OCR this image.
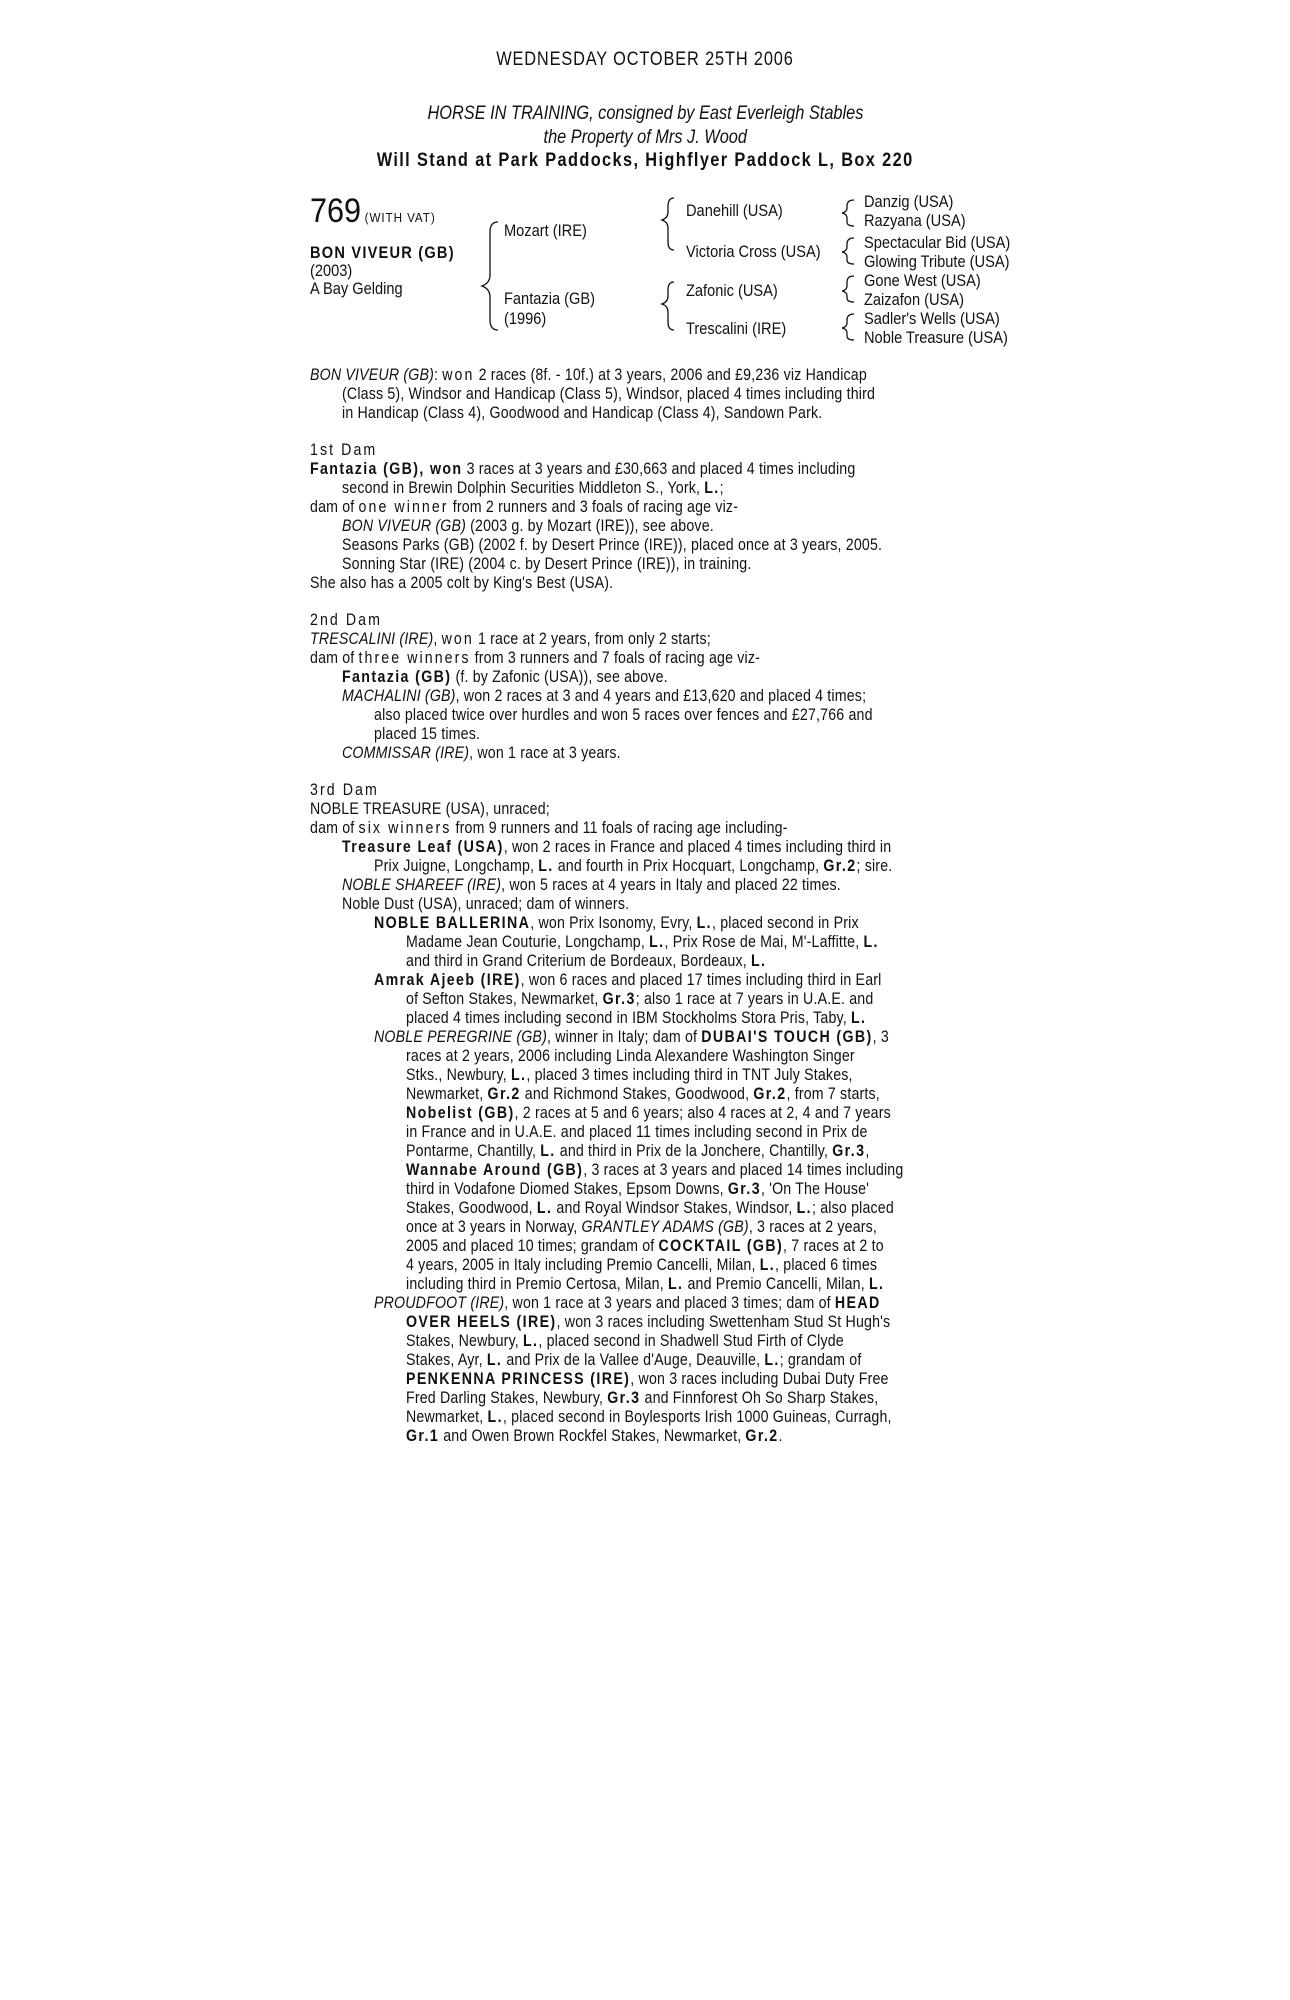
WEDNESDAY OCTOBER 25TH 2006
HORSE IN TRAINING, consigned by East Everleigh Stables
the Property of Mrs J. Wood
Will Stand at Park Paddocks, Highflyer Paddock L, Box 220
769 (WITH VAT)
BON VIVEUR (GB)
(2003)
A Bay Gelding
Mozart (IRE)
Fantazia (GB)
(1996)
Danehill (USA)
Victoria Cross (USA)
Zafonic (USA)
Trescalini (IRE)
Danzig (USA)
Razyana (USA)
Spectacular Bid (USA)
Glowing Tribute (USA)
Gone West (USA)
Zaizafon (USA)
Sadler's Wells (USA)
Noble Treasure (USA)
BON VIVEUR (GB): won 2 races (8f. - 10f.) at 3 years, 2006 and £9,236 viz Handicap
(Class 5), Windsor and Handicap (Class 5), Windsor, placed 4 times including third
in Handicap (Class 4), Goodwood and Handicap (Class 4), Sandown Park.
1st Dam
Fantazia (GB), won 3 races at 3 years and £30,663 and placed 4 times including
second in Brewin Dolphin Securities Middleton S., York, L.;
dam of one winner from 2 runners and 3 foals of racing age viz-
BON VIVEUR (GB) (2003 g. by Mozart (IRE)), see above.
Seasons Parks (GB) (2002 f. by Desert Prince (IRE)), placed once at 3 years, 2005.
Sonning Star (IRE) (2004 c. by Desert Prince (IRE)), in training.
She also has a 2005 colt by King's Best (USA).
2nd Dam
TRESCALINI (IRE), won 1 race at 2 years, from only 2 starts;
dam of three winners from 3 runners and 7 foals of racing age viz-
Fantazia (GB) (f. by Zafonic (USA)), see above.
MACHALINI (GB), won 2 races at 3 and 4 years and £13,620 and placed 4 times;
also placed twice over hurdles and won 5 races over fences and £27,766 and
placed 15 times.
COMMISSAR (IRE), won 1 race at 3 years.
3rd Dam
NOBLE TREASURE (USA), unraced;
dam of six winners from 9 runners and 11 foals of racing age including-
Treasure Leaf (USA), won 2 races in France and placed 4 times including third in
Prix Juigne, Longchamp, L. and fourth in Prix Hocquart, Longchamp, Gr.2; sire.
NOBLE SHAREEF (IRE), won 5 races at 4 years in Italy and placed 22 times.
Noble Dust (USA), unraced; dam of winners.
NOBLE BALLERINA, won Prix Isonomy, Evry, L., placed second in Prix
Madame Jean Couturie, Longchamp, L., Prix Rose de Mai, M'-Laffitte, L.
and third in Grand Criterium de Bordeaux, Bordeaux, L.
Amrak Ajeeb (IRE), won 6 races and placed 17 times including third in Earl
of Sefton Stakes, Newmarket, Gr.3; also 1 race at 7 years in U.A.E. and
placed 4 times including second in IBM Stockholms Stora Pris, Taby, L.
NOBLE PEREGRINE (GB), winner in Italy; dam of DUBAI'S TOUCH (GB), 3
races at 2 years, 2006 including Linda Alexandere Washington Singer
Stks., Newbury, L., placed 3 times including third in TNT July Stakes,
Newmarket, Gr.2 and Richmond Stakes, Goodwood, Gr.2, from 7 starts,
Nobelist (GB), 2 races at 5 and 6 years; also 4 races at 2, 4 and 7 years
in France and in U.A.E. and placed 11 times including second in Prix de
Pontarme, Chantilly, L. and third in Prix de la Jonchere, Chantilly, Gr.3,
Wannabe Around (GB), 3 races at 3 years and placed 14 times including
third in Vodafone Diomed Stakes, Epsom Downs, Gr.3, 'On The House'
Stakes, Goodwood, L. and Royal Windsor Stakes, Windsor, L.; also placed
once at 3 years in Norway, GRANTLEY ADAMS (GB), 3 races at 2 years,
2005 and placed 10 times; grandam of COCKTAIL (GB), 7 races at 2 to
4 years, 2005 in Italy including Premio Cancelli, Milan, L., placed 6 times
including third in Premio Certosa, Milan, L. and Premio Cancelli, Milan, L.
PROUDFOOT (IRE), won 1 race at 3 years and placed 3 times; dam of HEAD
OVER HEELS (IRE), won 3 races including Swettenham Stud St Hugh's
Stakes, Newbury, L., placed second in Shadwell Stud Firth of Clyde
Stakes, Ayr, L. and Prix de la Vallee d'Auge, Deauville, L.; grandam of
PENKENNA PRINCESS (IRE), won 3 races including Dubai Duty Free
Fred Darling Stakes, Newbury, Gr.3 and Finnforest Oh So Sharp Stakes,
Newmarket, L., placed second in Boylesports Irish 1000 Guineas, Curragh,
Gr.1 and Owen Brown Rockfel Stakes, Newmarket, Gr.2.
